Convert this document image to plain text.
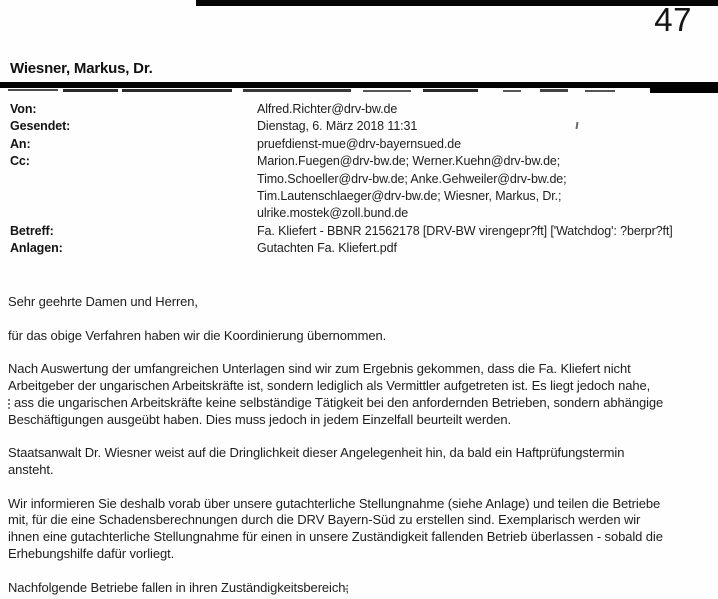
47
Wiesner, Markus, Dr.
Von:	Alfred.Richter@drv-bw.de
Gesendet:	Dienstag, 6. März 2018 11:31
An:	pruefdienst-mue@drv-bayernsued.de
Cc:	Marion.Fuegen@drv-bw.de; Werner.Kuehn@drv-bw.de;
Timo.Schoeller@drv-bw.de; Anke.Gehweiler@drv-bw.de;
Tim.Lautenschlaeger@drv-bw.de; Wiesner, Markus, Dr.;
ulrike.mostek@zoll.bund.de
Betreff:	Fa. Kliefert - BBNR 21562178 [DRV-BW virengepr?ft] ['Watchdog': ?berpr?ft]
Anlagen:	Gutachten Fa. Kliefert.pdf
Sehr geehrte Damen und Herren,
für das obige Verfahren haben wir die Koordinierung übernommen.
Nach Auswertung der umfangreichen Unterlagen sind wir zum Ergebnis gekommen, dass die Fa. Kliefert nicht
Arbeitgeber der ungarischen Arbeitskräfte ist, sondern lediglich als Vermittler aufgetreten ist. Es liegt jedoch nahe,
ass die ungarischen Arbeitskräfte keine selbständige Tätigkeit bei den anfordernden Betrieben, sondern abhängige
Beschäftigungen ausgeübt haben. Dies muss jedoch in jedem Einzelfall beurteilt werden.
Staatsanwalt Dr. Wiesner weist auf die Dringlichkeit dieser Angelegenheit hin, da bald ein Haftprüfungstermin
ansteht.
Wir informieren Sie deshalb vorab über unsere gutachterliche Stellungnahme (siehe Anlage) und teilen die Betriebe
mit, für die eine Schadensberechnungen durch die DRV Bayern-Süd zu erstellen sind. Exemplarisch werden wir
ihnen eine gutachterliche Stellungnahme für einen in unsere Zuständigkeit fallenden Betrieb überlassen - sobald die
Erhebungshilfe dafür vorliegt.
Nachfolgende Betriebe fallen in ihren Zuständigkeitsbereich;
